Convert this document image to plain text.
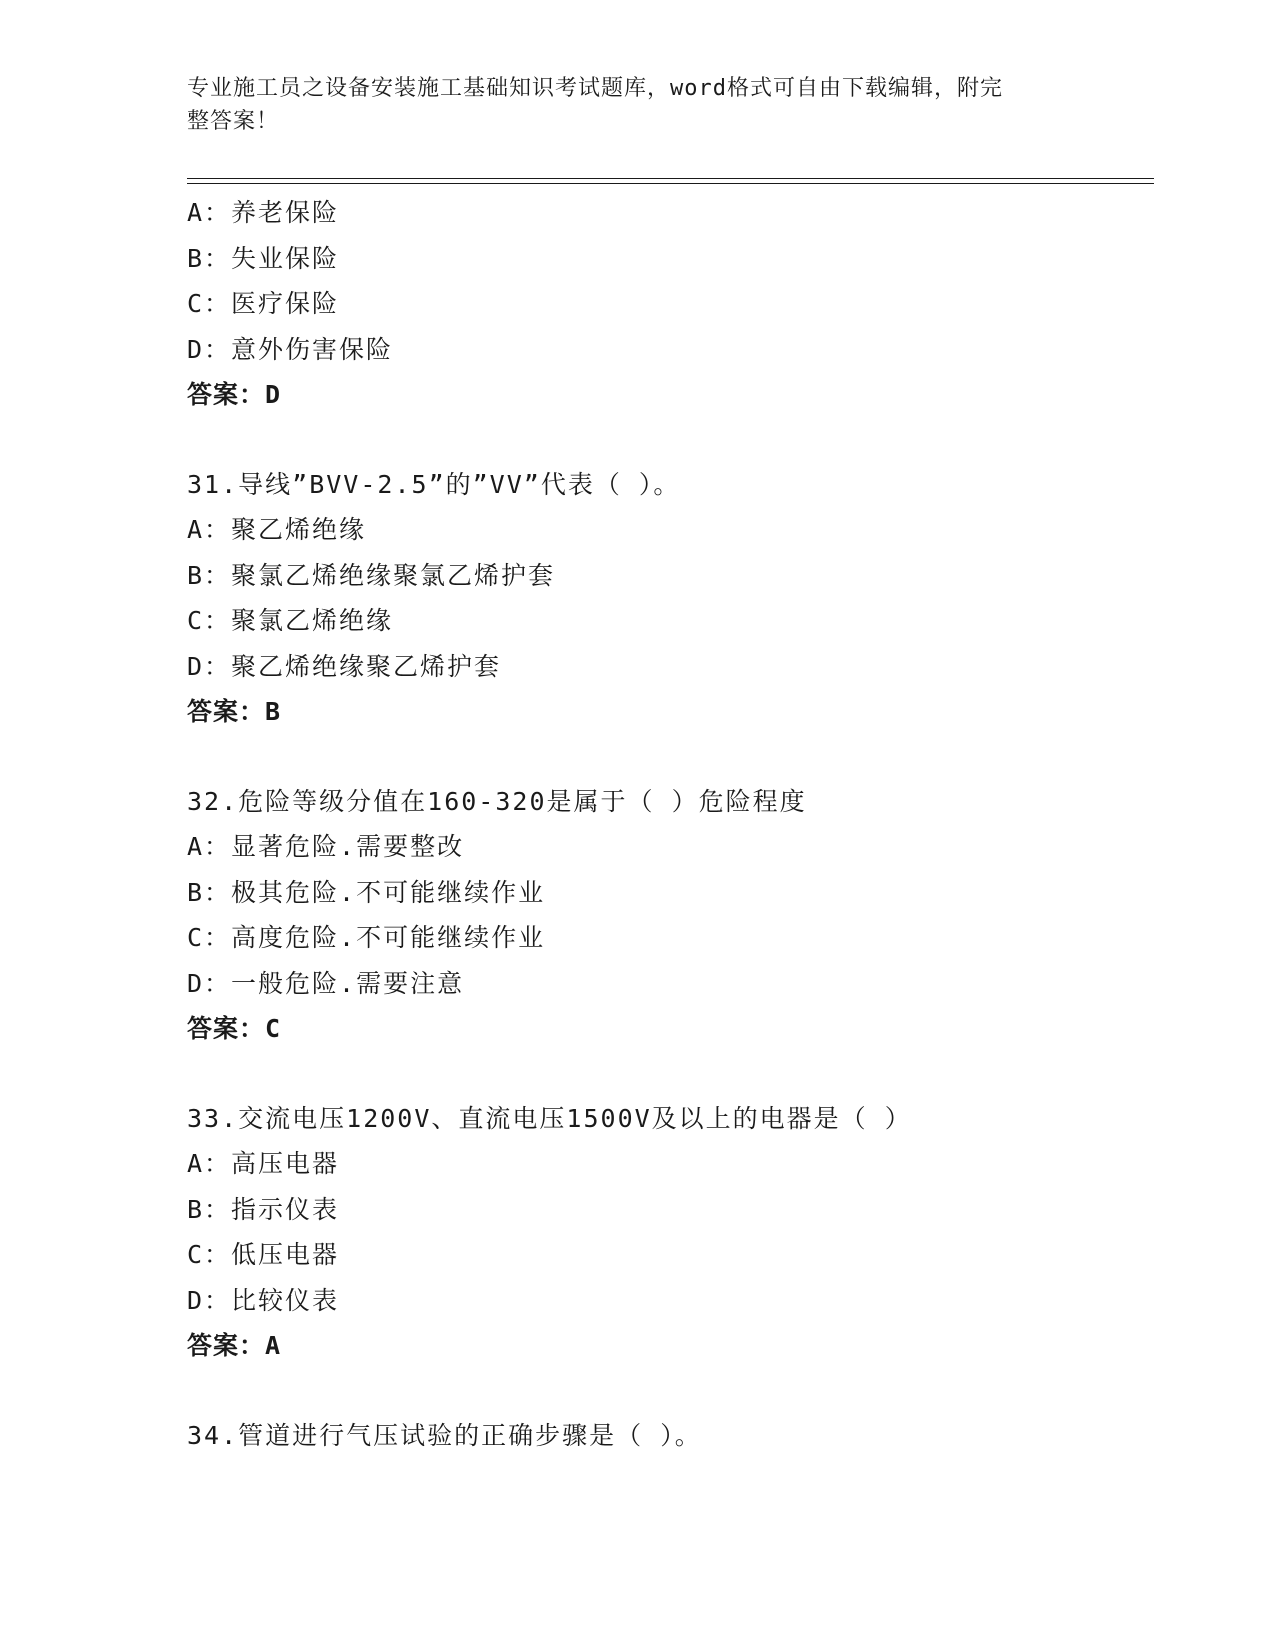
专业施工员之设备安装施工基础知识考试题库，word格式可自由下载编辑，附完
整答案！
A：养老保险
B：失业保险
C：医疗保险
D：意外伤害保险
答案：D
31.导线”BVV-2.5”的”VV”代表（ ）。
A：聚乙烯绝缘
B：聚氯乙烯绝缘聚氯乙烯护套
C：聚氯乙烯绝缘
D：聚乙烯绝缘聚乙烯护套
答案：B
32.危险等级分值在160-320是属于（ ）危险程度
A：显著危险.需要整改
B：极其危险.不可能继续作业
C：高度危险.不可能继续作业
D：一般危险.需要注意
答案：C
33.交流电压1200V、直流电压1500V及以上的电器是（ ）
A：高压电器
B：指示仪表
C：低压电器
D：比较仪表
答案：A
34.管道进行气压试验的正确步骤是（ ）。
